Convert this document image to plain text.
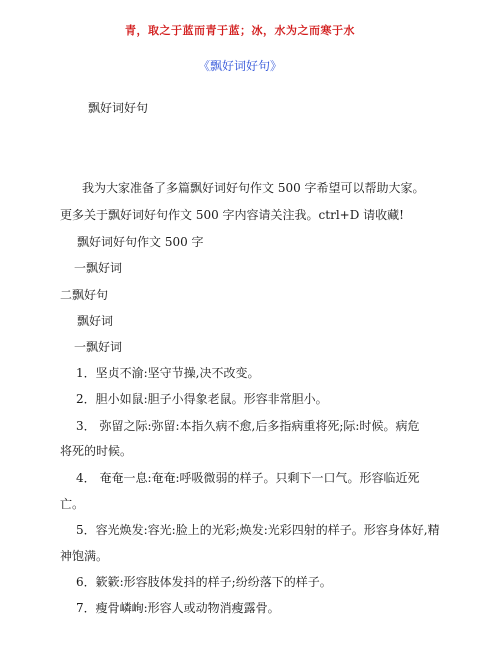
青，取之于蓝而青于蓝；冰，水为之而寒于水
《飘好词好句》
飘好词好句
我为大家准备了多篇飘好词好句作文 500 字希望可以帮助大家。
更多关于飘好词好句作文 500 字内容请关注我。ctrl+D 请收藏!
飘好词好句作文 500 字
一飘好词
二飘好句
飘好词
一飘好词
1．坚贞不渝:坚守节操,决不改变。
2．胆小如鼠:胆子小得象老鼠。形容非常胆小。
3． 弥留之际:弥留:本指久病不愈,后多指病重将死;际:时候。病危
将死的时候。
4． 奄奄一息:奄奄:呼吸微弱的样子。只剩下一口气。形容临近死
亡。
5．容光焕发:容光:脸上的光彩;焕发:光彩四射的样子。形容身体好,精
神饱满。
6．簌簌:形容肢体发抖的样子;纷纷落下的样子。
7．瘦骨嶙峋:形容人或动物消瘦露骨。
